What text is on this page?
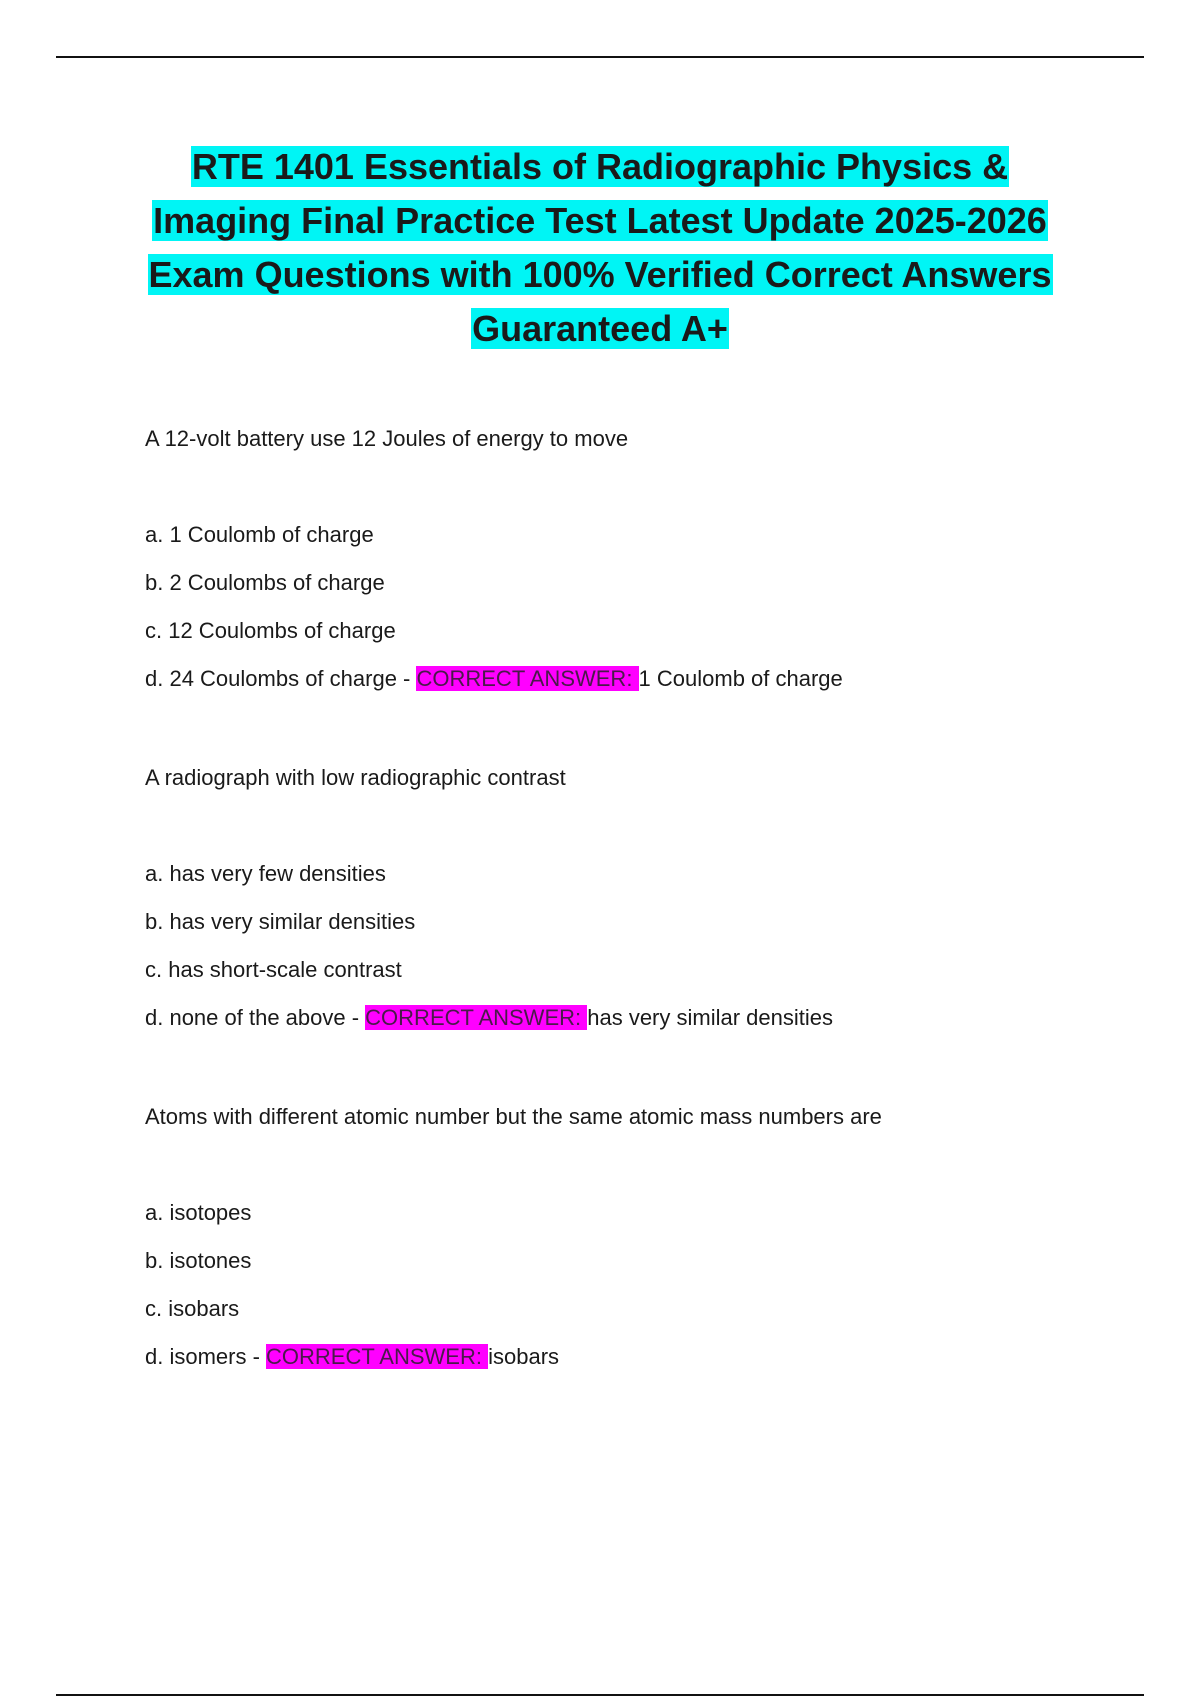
RTE 1401 Essentials of Radiographic Physics & Imaging Final Practice Test Latest Update 2025-2026 Exam Questions with 100% Verified Correct Answers Guaranteed A+
A 12-volt battery use 12 Joules of energy to move
a. 1 Coulomb of charge
b. 2 Coulombs of charge
c. 12 Coulombs of charge
d. 24 Coulombs of charge - CORRECT ANSWER: 1 Coulomb of charge
A radiograph with low radiographic contrast
a. has very few densities
b. has very similar densities
c. has short-scale contrast
d. none of the above - CORRECT ANSWER: has very similar densities
Atoms with different atomic number but the same atomic mass numbers are
a. isotopes
b. isotones
c. isobars
d. isomers - CORRECT ANSWER: isobars
